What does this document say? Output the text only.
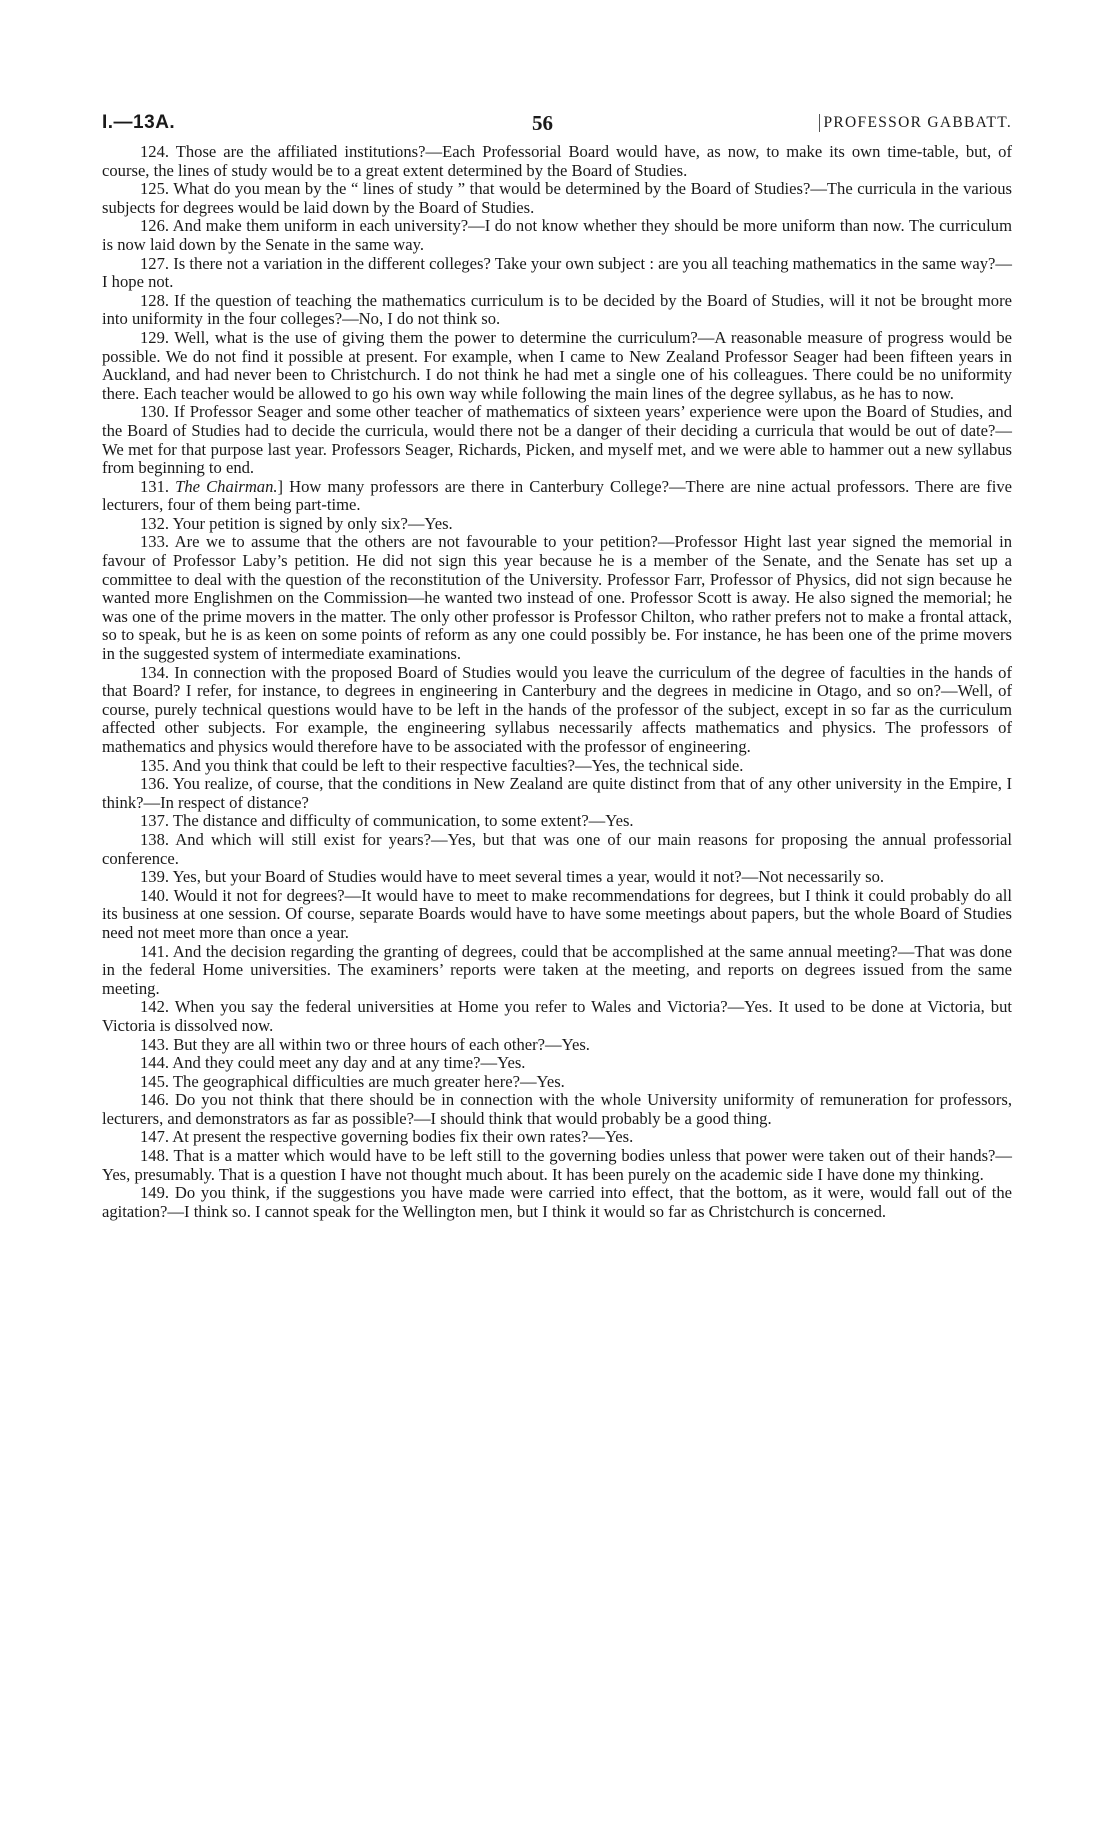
I.—13A.	56	PROFESSOR GABBATT.

124. Those are the affiliated institutions?—Each Professorial Board would have, as now, to make its own time-table, but, of course, the lines of study would be to a great extent determined by the Board of Studies.

125. What do you mean by the “ lines of study ” that would be determined by the Board of Studies?—The curricula in the various subjects for degrees would be laid down by the Board of Studies.

126. And make them uniform in each university?—I do not know whether they should be more uniform than now. The curriculum is now laid down by the Senate in the same way.

127. Is there not a variation in the different colleges? Take your own subject : are you all teaching mathematics in the same way?—I hope not.

128. If the question of teaching the mathematics curriculum is to be decided by the Board of Studies, will it not be brought more into uniformity in the four colleges?—No, I do not think so.

129. Well, what is the use of giving them the power to determine the curriculum?—A reasonable measure of progress would be possible. We do not find it possible at present. For example, when I came to New Zealand Professor Seager had been fifteen years in Auckland, and had never been to Christchurch. I do not think he had met a single one of his colleagues. There could be no uniformity there. Each teacher would be allowed to go his own way while following the main lines of the degree syllabus, as he has to now.

130. If Professor Seager and some other teacher of mathematics of sixteen years’ experience were upon the Board of Studies, and the Board of Studies had to decide the curricula, would there not be a danger of their deciding a curricula that would be out of date?—We met for that purpose last year. Professors Seager, Richards, Picken, and myself met, and we were able to hammer out a new syllabus from beginning to end.

131. The Chairman.] How many professors are there in Canterbury College?—There are nine actual professors. There are five lecturers, four of them being part-time.

132. Your petition is signed by only six?—Yes.

133. Are we to assume that the others are not favourable to your petition?—Professor Hight last year signed the memorial in favour of Professor Laby’s petition. He did not sign this year because he is a member of the Senate, and the Senate has set up a committee to deal with the question of the reconstitution of the University. Professor Farr, Professor of Physics, did not sign because he wanted more Englishmen on the Commission—he wanted two instead of one. Professor Scott is away. He also signed the memorial; he was one of the prime movers in the matter. The only other professor is Professor Chilton, who rather prefers not to make a frontal attack, so to speak, but he is as keen on some points of reform as any one could possibly be. For instance, he has been one of the prime movers in the suggested system of intermediate examinations.

134. In connection with the proposed Board of Studies would you leave the curriculum of the degree of faculties in the hands of that Board? I refer, for instance, to degrees in engineering in Canterbury and the degrees in medicine in Otago, and so on?—Well, of course, purely technical questions would have to be left in the hands of the professor of the subject, except in so far as the curriculum affected other subjects. For example, the engineering syllabus necessarily affects mathematics and physics. The professors of mathematics and physics would therefore have to be associated with the professor of engineering.

135. And you think that could be left to their respective faculties?—Yes, the technical side.

136. You realize, of course, that the conditions in New Zealand are quite distinct from that of any other university in the Empire, I think?—In respect of distance?

137. The distance and difficulty of communication, to some extent?—Yes.

138. And which will still exist for years?—Yes, but that was one of our main reasons for proposing the annual professorial conference.

139. Yes, but your Board of Studies would have to meet several times a year, would it not?—Not necessarily so.

140. Would it not for degrees?—It would have to meet to make recommendations for degrees, but I think it could probably do all its business at one session. Of course, separate Boards would have to have some meetings about papers, but the whole Board of Studies need not meet more than once a year.

141. And the decision regarding the granting of degrees, could that be accomplished at the same annual meeting?—That was done in the federal Home universities. The examiners’ reports were taken at the meeting, and reports on degrees issued from the same meeting.

142. When you say the federal universities at Home you refer to Wales and Victoria?—Yes. It used to be done at Victoria, but Victoria is dissolved now.

143. But they are all within two or three hours of each other?—Yes.

144. And they could meet any day and at any time?—Yes.

145. The geographical difficulties are much greater here?—Yes.

146. Do you not think that there should be in connection with the whole University uniformity of remuneration for professors, lecturers, and demonstrators as far as possible?—I should think that would probably be a good thing.

147. At present the respective governing bodies fix their own rates?—Yes.

148. That is a matter which would have to be left still to the governing bodies unless that power were taken out of their hands?—Yes, presumably. That is a question I have not thought much about. It has been purely on the academic side I have done my thinking.

149. Do you think, if the suggestions you have made were carried into effect, that the bottom, as it were, would fall out of the agitation?—I think so. I cannot speak for the Wellington men, but I think it would so far as Christchurch is concerned.
